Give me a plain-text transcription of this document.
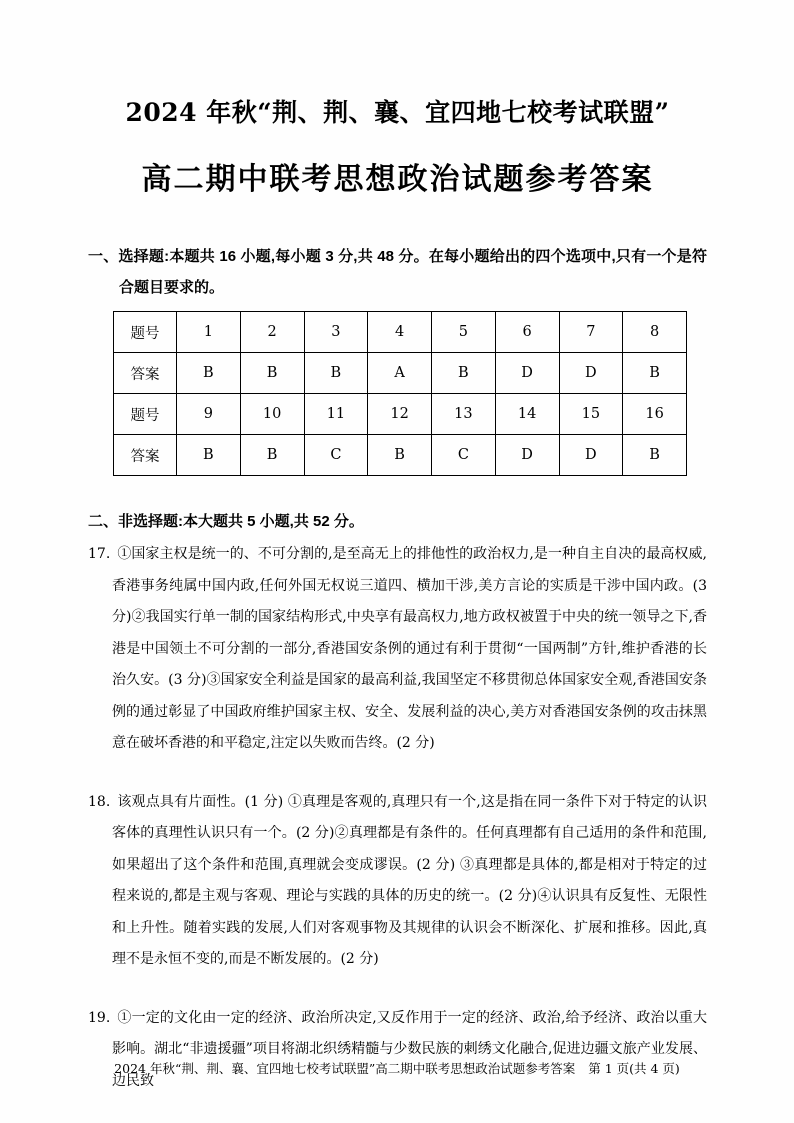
2024 年秋“荆、荆、襄、宜四地七校考试联盟”
高二期中联考思想政治试题参考答案

一、选择题:本题共 16 小题,每小题 3 分,共 48 分。在每小题给出的四个选项中,只有一个是符合题目要求的。

题号	1	2	3	4	5	6	7	8
答案	B	B	B	A	B	D	D	B
题号	9	10	11	12	13	14	15	16
答案	B	B	C	B	C	D	D	B

二、非选择题:本大题共 5 小题,共 52 分。

17. ①国家主权是统一的、不可分割的,是至高无上的排他性的政治权力,是一种自主自决的最高权威,香港事务纯属中国内政,任何外国无权说三道四、横加干涉,美方言论的实质是干涉中国内政。(3 分)②我国实行单一制的国家结构形式,中央享有最高权力,地方政权被置于中央的统一领导之下,香港是中国领土不可分割的一部分,香港国安条例的通过有利于贯彻“一国两制”方针,维护香港的长治久安。(3 分)③国家安全利益是国家的最高利益,我国坚定不移贯彻总体国家安全观,香港国安条例的通过彰显了中国政府维护国家主权、安全、发展利益的决心,美方对香港国安条例的攻击抹黑意在破坏香港的和平稳定,注定以失败而告终。(2 分)

18. 该观点具有片面性。(1 分) ①真理是客观的,真理只有一个,这是指在同一条件下对于特定的认识客体的真理性认识只有一个。(2 分)②真理都是有条件的。任何真理都有自己适用的条件和范围,如果超出了这个条件和范围,真理就会变成谬误。(2 分) ③真理都是具体的,都是相对于特定的过程来说的,都是主观与客观、理论与实践的具体的历史的统一。(2 分)④认识具有反复性、无限性和上升性。随着实践的发展,人们对客观事物及其规律的认识会不断深化、扩展和推移。因此,真理不是永恒不变的,而是不断发展的。(2 分)

19. ①一定的文化由一定的经济、政治所决定,又反作用于一定的经济、政治,给予经济、政治以重大影响。湖北“非遗援疆”项目将湖北织绣精髓与少数民族的刺绣文化融合,促进边疆文旅产业发展、边民致

2024 年秋“荆、荆、襄、宜四地七校考试联盟”高二期中联考思想政治试题参考答案 第 1 页(共 4 页)
